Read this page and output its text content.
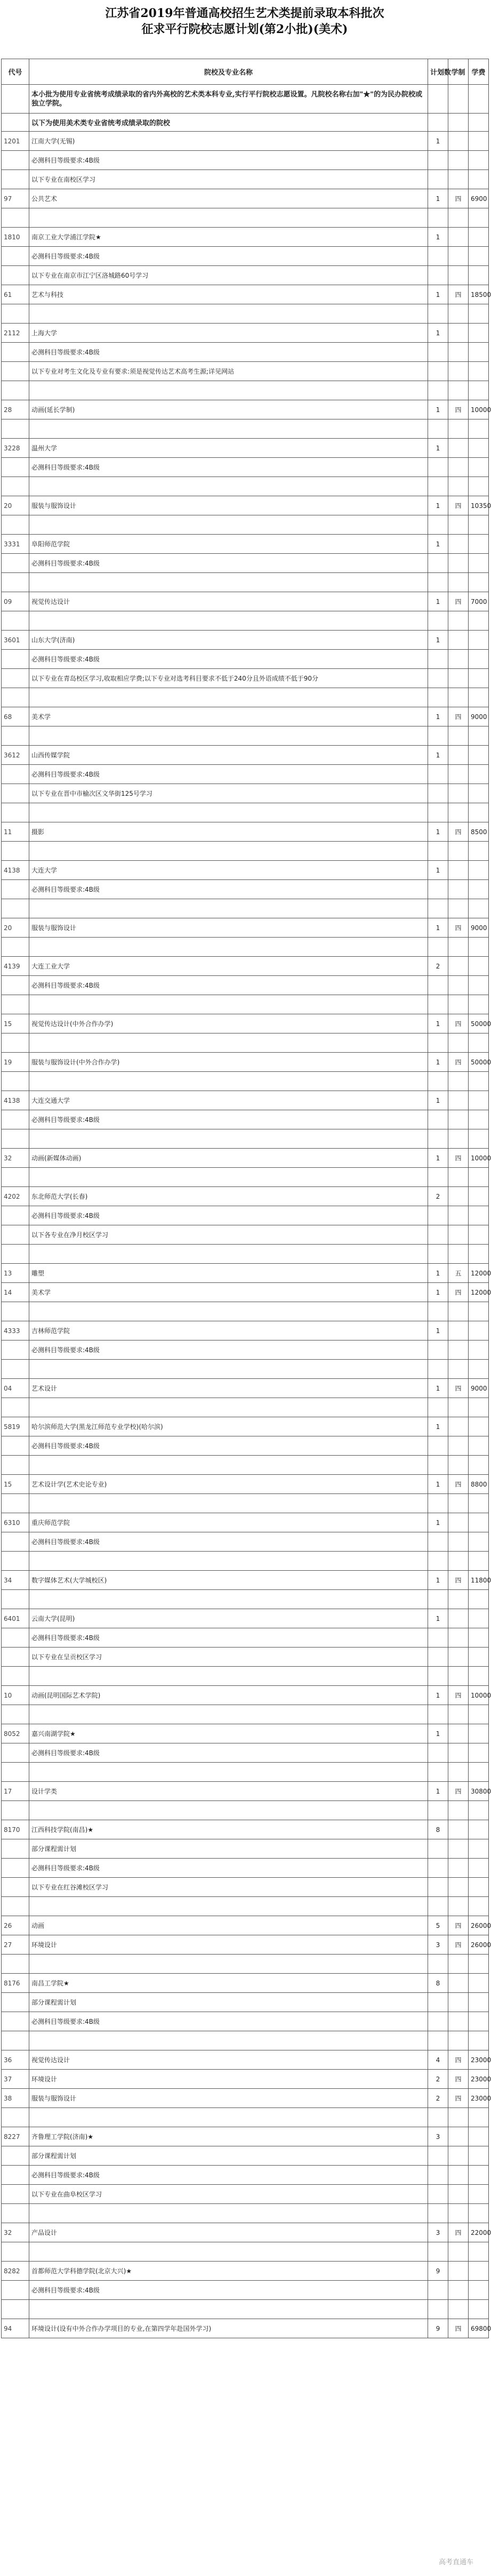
江苏省2019年普通高校招生艺术类提前录取本科批次
征求平行院校志愿计划(第2小批)(美术)
代号	院校及专业名称	计划数	学制	学费
	本小批为使用专业省统考成绩录取的省内外高校的艺术类本科专业,实行平行院校志愿设置。凡院校名称右加"★"的为民办院校或独立学院。			
	以下为使用美术类专业省统考成绩录取的院校			
1201	江南大学(无锡)	1		
	必测科目等级要求:4B级			
	以下专业在南校区学习			
97	公共艺术	1	四	6900

1810	南京工业大学浦江学院★	1		
	必测科目等级要求:4B级			
	以下专业在南京市江宁区洛城路60号学习			
61	艺术与科技	1	四	18500

2112	上海大学	1		
	必测科目等级要求:4B级			
	以下专业对考生文化及专业有要求:须是视觉传达艺术高考生源;详见网站			

28	动画(延长学制)	1	四	10000

3228	温州大学	1		
	必测科目等级要求:4B级			

20	服装与服饰设计	1	四	10350

3331	阜阳师范学院	1		
	必测科目等级要求:4B级			

09	视觉传达设计	1	四	7000

3601	山东大学(济南)	1		
	必测科目等级要求:4B级			
	以下专业在青岛校区学习,收取相应学费;以下专业对选考科目要求不低于240分且外语成绩不低于90分			

68	美术学	1	四	9000

3612	山西传媒学院	1		
	必测科目等级要求:4B级			
	以下专业在晋中市榆次区文华街125号学习			

11	摄影	1	四	8500

4138	大连大学	1		
	必测科目等级要求:4B级			

20	服装与服饰设计	1	四	9000

4139	大连工业大学	2		
	必测科目等级要求:4B级			

15	视觉传达设计(中外合作办学)	1	四	50000

19	服装与服饰设计(中外合作办学)	1	四	50000

4138	大连交通大学	1		
	必测科目等级要求:4B级			

32	动画(新媒体动画)	1	四	10000

4202	东北师范大学(长春)	2		
	必测科目等级要求:4B级			
	以下各专业在净月校区学习			

13	雕塑	1	五	12000
14	美术学	1	四	12000

4333	吉林师范学院	1		
	必测科目等级要求:4B级			

04	艺术设计	1	四	9000

5819	哈尔滨师范大学(黑龙江师范专业学校)(哈尔滨)	1		
	必测科目等级要求:4B级			

15	艺术设计学(艺术史论专业)	1	四	8800

6310	重庆师范学院	1		
	必测科目等级要求:4B级			

34	数字媒体艺术(大学城校区)	1	四	11800

6401	云南大学(昆明)	1		
	必测科目等级要求:4B级			
	以下专业在呈贡校区学习			

10	动画(昆明国际艺术学院)	1	四	10000

8052	嘉兴南湖学院★	1		
	必测科目等级要求:4B级			

17	设计学类	1	四	30800

8170	江西科技学院(南昌)★	8		
	部分课程需计划			
	必测科目等级要求:4B级			
	以下专业在红谷滩校区学习			

26	动画	5	四	26000
27	环境设计	3	四	26000

8176	南昌工学院★	8		
	部分课程需计划			
	必测科目等级要求:4B级			

36	视觉传达设计	4	四	23000
37	环境设计	2	四	23000
38	服装与服饰设计	2	四	23000

8227	齐鲁理工学院(济南)★	3		
	部分课程需计划			
	必测科目等级要求:4B级			
	以下专业在曲阜校区学习			

32	产品设计	3	四	22000

8282	首都师范大学科德学院(北京大兴)★	9		
	必测科目等级要求:4B级			

94	环境设计(设有中外合作办学项目的专业,在第四学年赴国外学习)	9	四	69800
高考直通车
